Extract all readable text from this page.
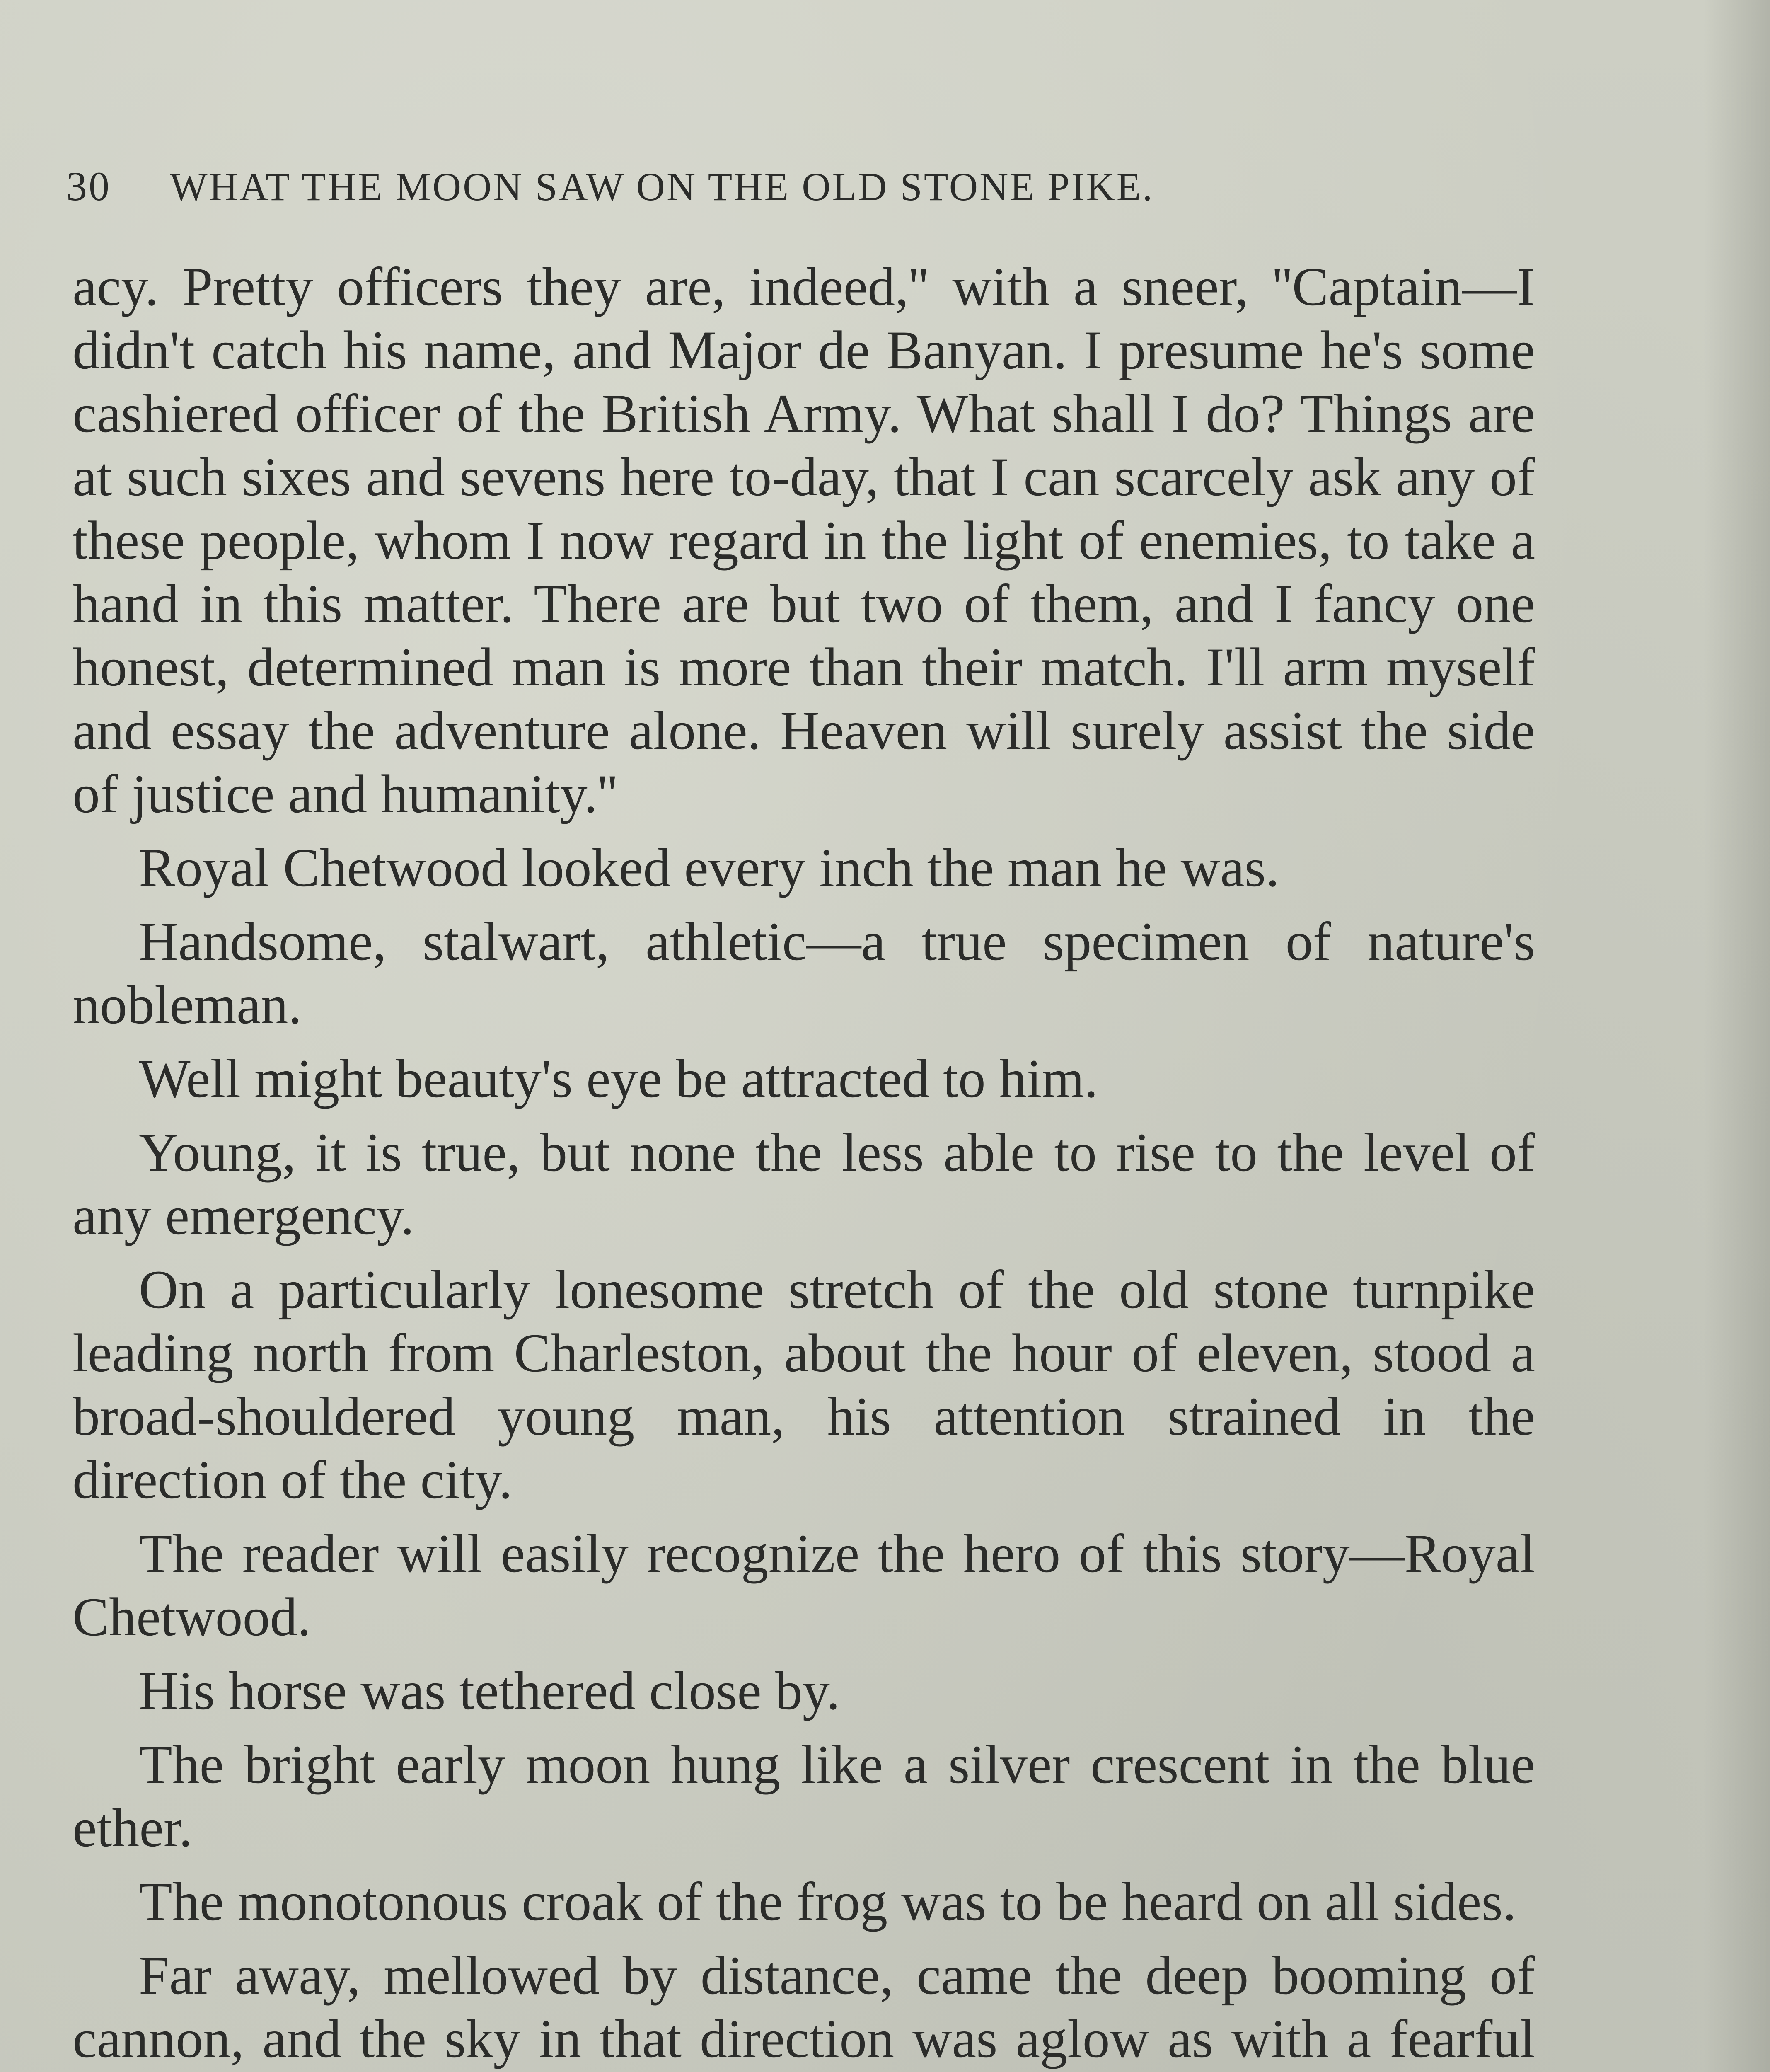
30 WHAT THE MOON SAW ON THE OLD STONE PIKE.

acy. Pretty officers they are, indeed,'' with a sneer, ''Captain—I didn't catch his name, and Major de Banyan. I presume he's some cashiered officer of the British Army. What shall I do? Things are at such sixes and sevens here to-day, that I can scarcely ask any of these people, whom I now regard in the light of enemies, to take a hand in this matter. There are but two of them, and I fancy one honest, determined man is more than their match. I'll arm myself and essay the adventure alone. Heaven will surely assist the side of justice and humanity.''

Royal Chetwood looked every inch the man he was.

Handsome, stalwart, athletic—a true specimen of nature's nobleman.

Well might beauty's eye be attracted to him.

Young, it is true, but none the less able to rise to the level of any emergency.

On a particularly lonesome stretch of the old stone turnpike leading north from Charleston, about the hour of eleven, stood a broad-shouldered young man, his attention strained in the direction of the city.

The reader will easily recognize the hero of this story—Royal Chetwood.

His horse was tethered close by.

The bright early moon hung like a silver crescent in the blue ether.

The monotonous croak of the frog was to be heard on all sides.

Far away, mellowed by distance, came the deep booming of cannon, and the sky in that direction was aglow as with a fearful
